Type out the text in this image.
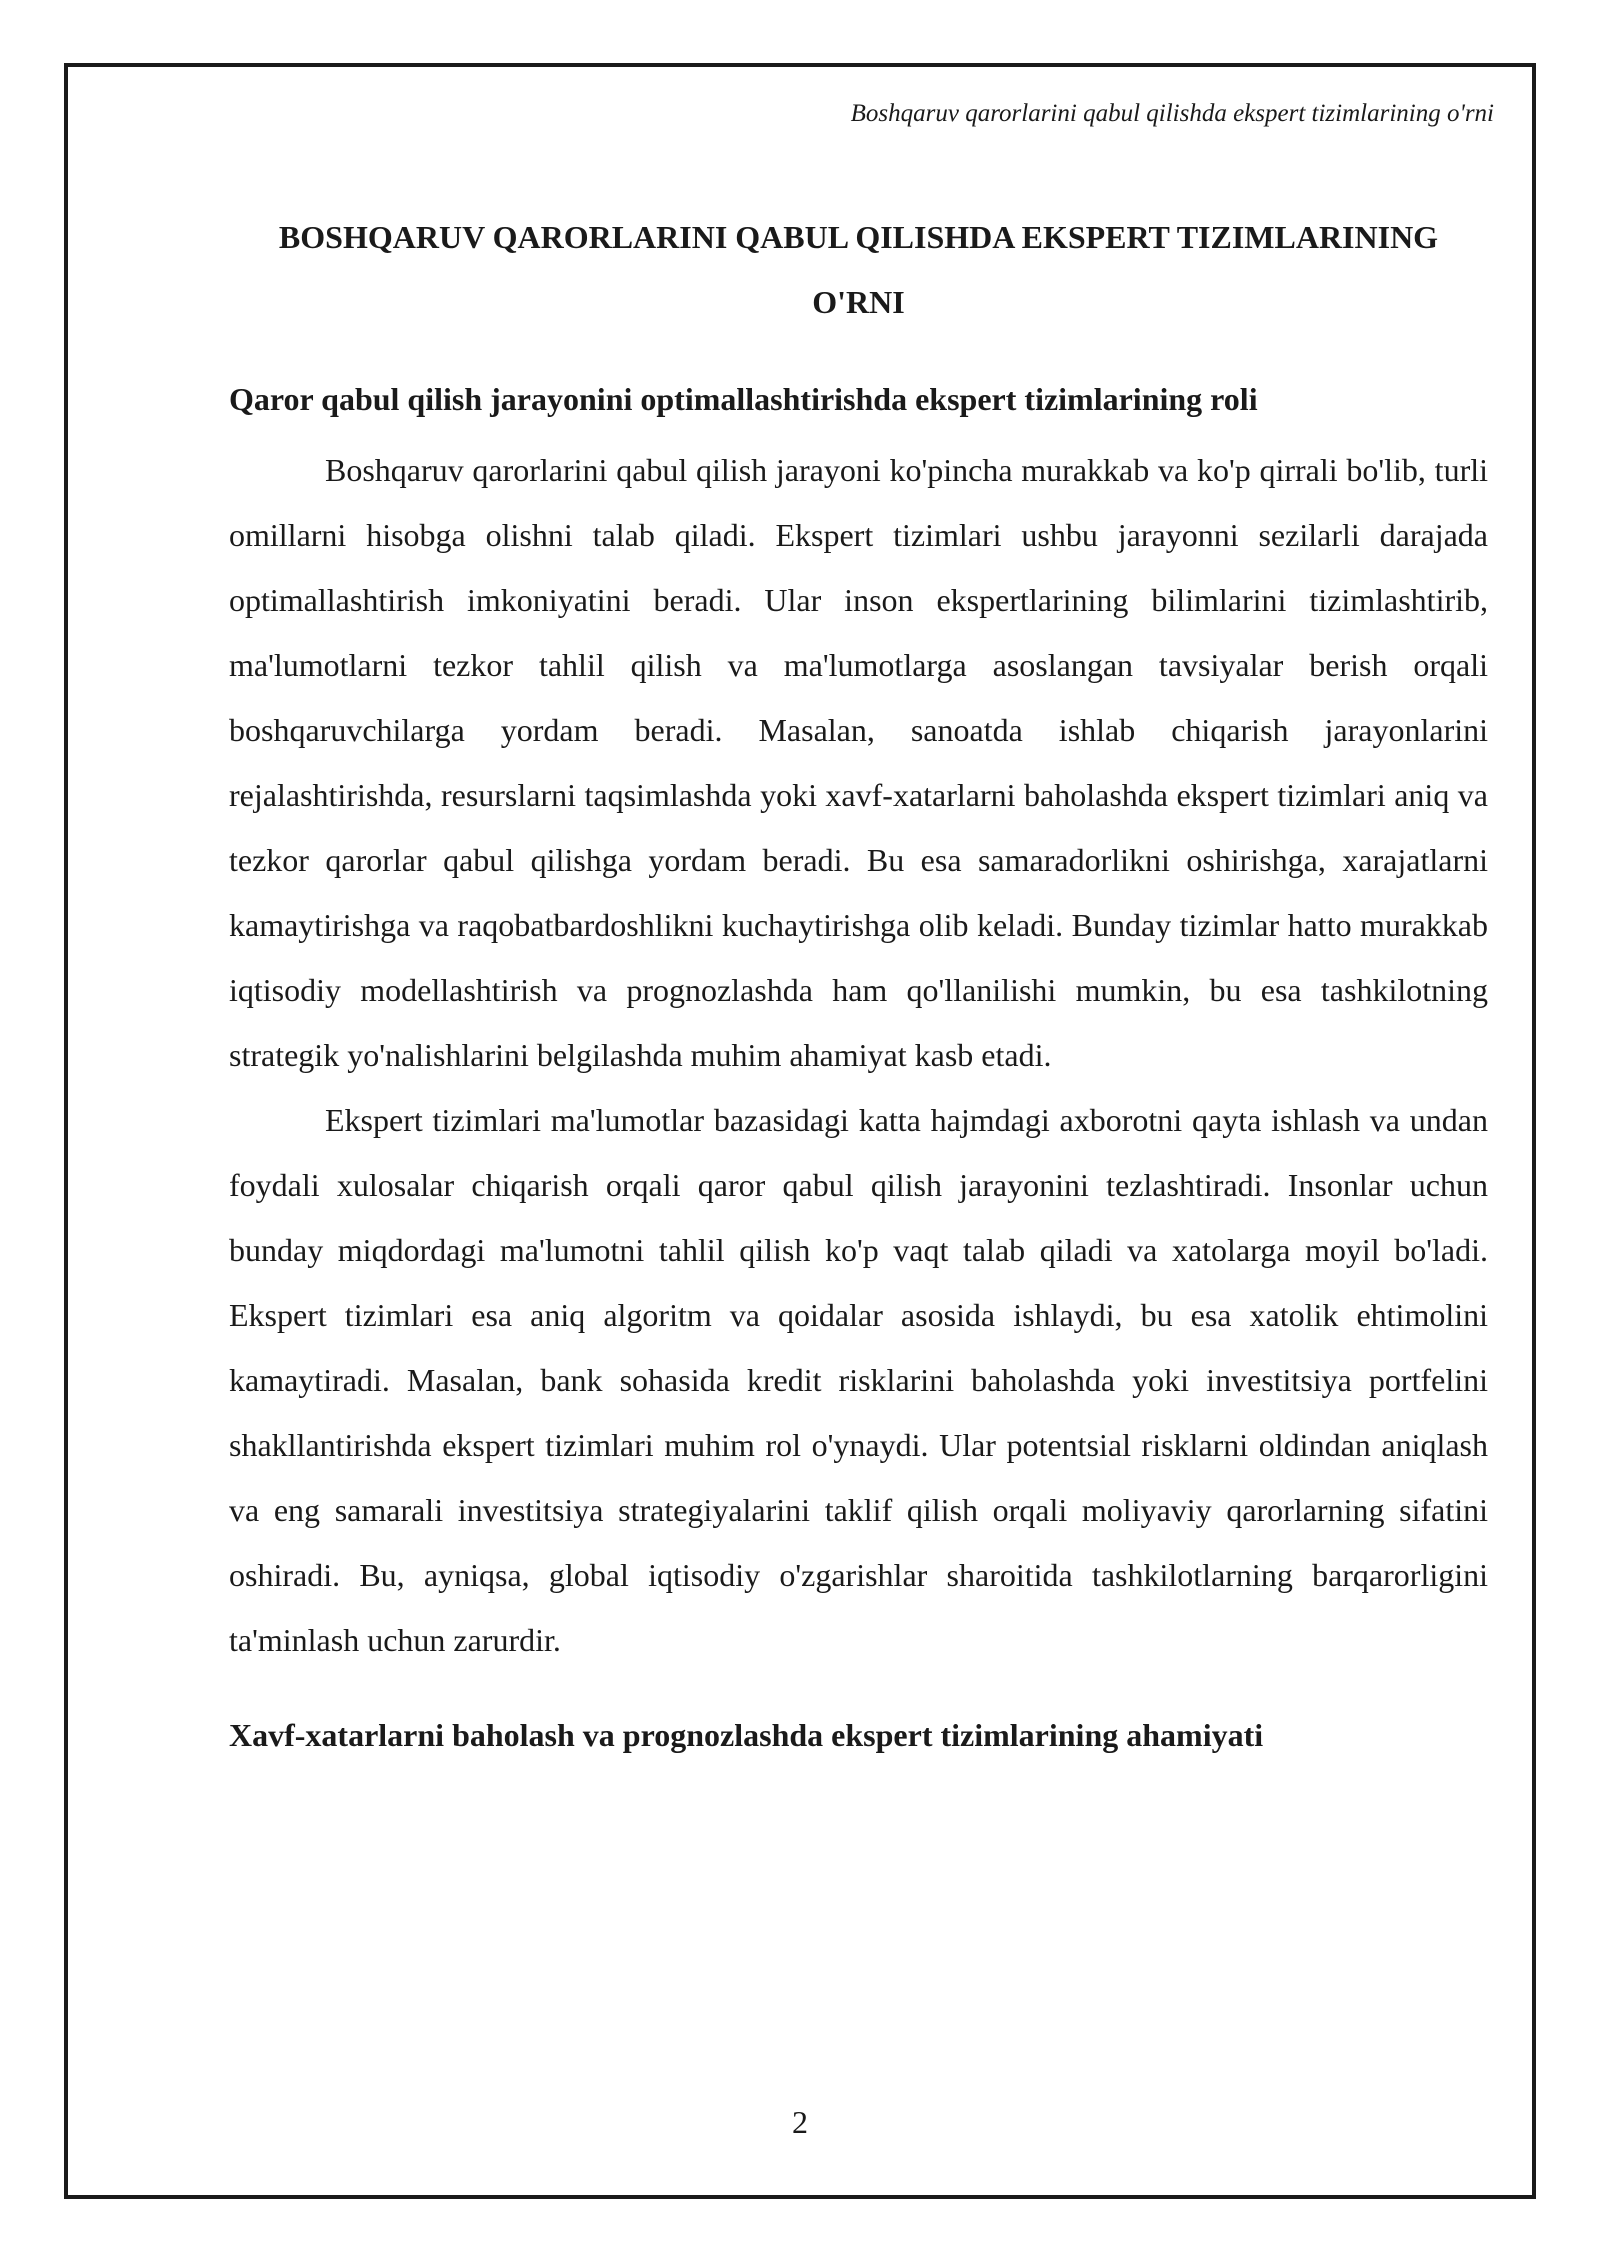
Boshqaruv qarorlarini qabul qilishda ekspert tizimlarining o'rni
BOSHQARUV QARORLARINI QABUL QILISHDA EKSPERT TIZIMLARINING O'RNI
Qaror qabul qilish jarayonini optimallashtirishda ekspert tizimlarining roli

Boshqaruv qarorlarini qabul qilish jarayoni ko'pincha murakkab va ko'p qirrali bo'lib, turli omillarni hisobga olishni talab qiladi. Ekspert tizimlari ushbu jarayonni sezilarli darajada optimallashtirish imkoniyatini beradi. Ular inson ekspertlarining bilimlarini tizimlashtirib, ma'lumotlarni tezkor tahlil qilish va ma'lumotlarga asoslangan tavsiyalar berish orqali boshqaruvchilarga yordam beradi. Masalan, sanoatda ishlab chiqarish jarayonlarini rejalashtirishda, resurslarni taqsimlashda yoki xavf-xatarlarni baholashda ekspert tizimlari aniq va tezkor qarorlar qabul qilishga yordam beradi. Bu esa samaradorlikni oshirishga, xarajatlarni kamaytirishga va raqobatbardoshlikni kuchaytirishga olib keladi. Bunday tizimlar hatto murakkab iqtisodiy modellashtirish va prognozlashda ham qo'llanilishi mumkin, bu esa tashkilotning strategik yo'nalishlarini belgilashda muhim ahamiyat kasb etadi.

Ekspert tizimlari ma'lumotlar bazasidagi katta hajmdagi axborotni qayta ishlash va undan foydali xulosalar chiqarish orqali qaror qabul qilish jarayonini tezlashtiradi. Insonlar uchun bunday miqdordagi ma'lumotni tahlil qilish ko'p vaqt talab qiladi va xatolarga moyil bo'ladi. Ekspert tizimlari esa aniq algoritm va qoidalar asosida ishlaydi, bu esa xatolik ehtimolini kamaytiradi. Masalan, bank sohasida kredit risklarini baholashda yoki investitsiya portfelini shakllantirishda ekspert tizimlari muhim rol o'ynaydi. Ular potentsial risklarni oldindan aniqlash va eng samarali investitsiya strategiyalarini taklif qilish orqali moliyaviy qarorlarning sifatini oshiradi. Bu, ayniqsa, global iqtisodiy o'zgarishlar sharoitida tashkilotlarning barqarorligini ta'minlash uchun zarurdir.

Xavf-xatarlarni baholash va prognozlashda ekspert tizimlarining ahamiyati
2
